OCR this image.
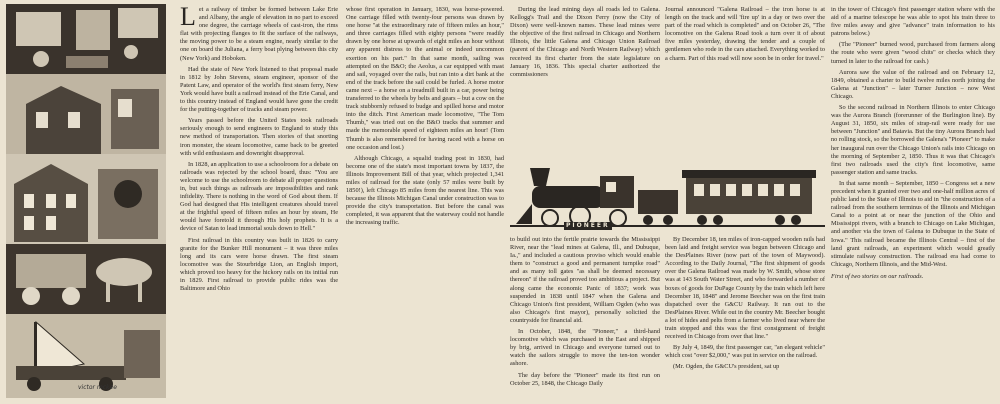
victor mckee

Let a railway of timber be formed between Lake Erie and Albany, the angle of elevation in no part to exceed one degree, the carriage wheels of cast-iron, the rims flat with projecting flanges to fit the surface of the railways, the moving power to be a steam engine, nearly similar to the one on board the Juliana, a ferry boat plying between this city (New York) and Hoboken.

Had the state of New York listened to that proposal made in 1812 by John Stevens, steam engineer, sponsor of the Patent Law, and operator of the world's first steam ferry, New York would have built a railroad instead of the Erie Canal, and to this country instead of England would have gone the credit for the putting-together of tracks and steam power.

Years passed before the United States took railroads seriously enough to send engineers to England to study this new method of transportation. Then stories of that snorting iron monster, the steam locomotive, came back to be greeted with wild enthusiasm and downright disapproval.

In 1828, an application to use a schoolroom for a debate on railroads was rejected by the school board, thus: "You are welcome to use the schoolroom to debate all proper questions in, but such things as railroads are impossibilities and rank infidelity. There is nothing in the word of God about them. If God had designed that His intelligent creatures should travel at the frightful speed of fifteen miles an hour by steam, He would have foretold it through His holy prophets. It is a device of Satan to lead immortal souls down to Hell."

First railroad in this country was built in 1826 to carry granite for the Bunker Hill monument – it was three miles long and its cars were horse drawn. The first steam locomotive was the Stourbridge Lion, an English import, which proved too heavy for the hickory rails on its initial run in 1829. First railroad to provide public rides was the Baltimore and Ohio

whose first operation in January, 1830, was horse-powered. One carriage filled with twenty-four persons was drawn by one horse "at the extraordinary rate of fifteen miles an hour," and three carriages filled with eighty persons "were readily drawn by one horse at upwards of eight miles an hour without any apparent distress to the animal or indeed uncommon exertion on his part." In that same month, sailing was attempted on the B&O; the Aeolus, a car equipped with mast and sail, voyaged over the rails, but ran into a dirt bank at the end of the track before the sail could be furled. A horse motor came next – a horse on a treadmill built in a car, power being transferred to the wheels by belts and gears – but a cow on the track stubbornly refused to budge and spilled horse and motor into the ditch. First American made locomotive, "The Tom Thumb," was tried out on the B&O tracks that summer and made the memorable speed of eighteen miles an hour! (Tom Thumb is also remembered for having raced with a horse on one occasion and lost.)

Although Chicago, a squalid trading post in 1830, had become one of the state's most important towns by 1837, the Illinois Improvement Bill of that year, which projected 1,341 miles of railroad for the state (only 57 miles were built by 1850!), left Chicago 85 miles from the nearest line. This was because the Illinois Michigan Canal under construction was to provide the city's transportation. But before the canal was completed, it was apparent that the waterway could not handle the increasing traffic.

During the lead mining days all roads led to Galena. Kellogg's Trail and the Dixon Ferry (now the City of Dixon) were well-known names. These lead mines were the objective of the first railroad in Chicago and Northern Illinois, the little Galena and Chicago Union Railroad (parent of the Chicago and North Western Railway) which received its first charter from the state legislature on January 16, 1836. This special charter authorized the commissioners

Journal announced "Galena Railroad – the iron horse is at length on the track and will 'fire up' in a day or two over the part of the road which is completed" and on October 26, "The locomotive on the Galena Road took a turn over it of about five miles yesterday, drawing the tender and a couple of gentlemen who rode in the cars attached. Everything worked to a charm. Part of this road will now soon be in order for travel."

PIONEER

to build out into the fertile prairie towards the Mississippi River, near the "lead mines at Galena, Ill., and Dubuque, Ia.," and included a cautious proviso which would enable them to "construct a good and permanent turnpike road" and as many toll gates "as shall be deemed necessary thereon" if the railroad proved too ambitious a project. But along came the economic Panic of 1837; work was suspended in 1838 until 1847 when the Galena and Chicago Union's first president, William Ogden (who was also Chicago's first mayor), personally solicited the countryside for financial aid.

In October, 1848, the "Pioneer," a third-hand locomotive which was purchased in the East and shipped by brig, arrived in Chicago and everyone turned out to watch the sailors struggle to move the ten-ton wonder ashore.

The day before the "Pioneer" made its first run on October 25, 1848, the Chicago Daily

By December 18, ten miles of iron-capped wooden rails had been laid and freight service was begun between Chicago and the DesPlaines River (now part of the town of Maywood). According to the Daily Journal, "The first shipment of goods over the Galena Railroad was made by W. Smith, whose store was at 143 South Water Street, and who forwarded a number of boxes of goods for DuPage County by the train which left here December 18, 1848" and Jerome Beecher was on the first train dispatched over the G&CU Railway. It ran out to the DesPlaines River. While out in the country Mr. Beecher bought a lot of hides and pelts from a farmer who lived near where the train stopped and this was the first consignment of freight received in Chicago from over that line."

By July 4, 1849, the first passenger car, "an elegant vehicle" which cost "over $2,000," was put in service on the railroad.

(Mr. Ogden, the G&CU's president, sat up

in the tower of Chicago's first passenger station where with the aid of a marine telescope he was able to spot his train three to five miles away and give "advance" train information to his patrons below.)

(The "Pioneer" burned wood, purchased from farmers along the route who were given "wood chits" or checks which they turned in later to the railroad for cash.)

Aurora saw the value of the railroad and on February 12, 1849, obtained a charter to build twelve miles north joining the Galena at "Junction" – later Turner Junction – now West Chicago.

So the second railroad in Northern Illinois to enter Chicago was the Aurora Branch (forerunner of the Burlington line). By August 31, 1850, six miles of strap-rail were ready for use between "Junction" and Batavia. But the tiny Aurora Branch had no rolling stock, so the borrowed the Galena's "Pioneer" to make her inaugural run over the Chicago Union's rails into Chicago on the morning of September 2, 1850. Thus it was that Chicago's first two railroads used the city's first locomotive, same passenger station and same tracks.

In that same month – September, 1850 – Congress set a new precedent when it granted over two and one-half million acres of public land to the State of Illinois to aid in "the construction of a railroad from the southern terminus of the Illinois and Michigan Canal to a point at or near the junction of the Ohio and Mississippi rivers, with a branch to Chicago on Lake Michigan, and another via the town of Galena to Dubuque in the State of Iowa." This railroad became the Illinois Central – first of the land grant railroads, an experiment which would greatly stimulate railway construction. The railroad era had come to Chicago, Northern Illinois, and the Mid-West.

First of two stories on our railroads.
